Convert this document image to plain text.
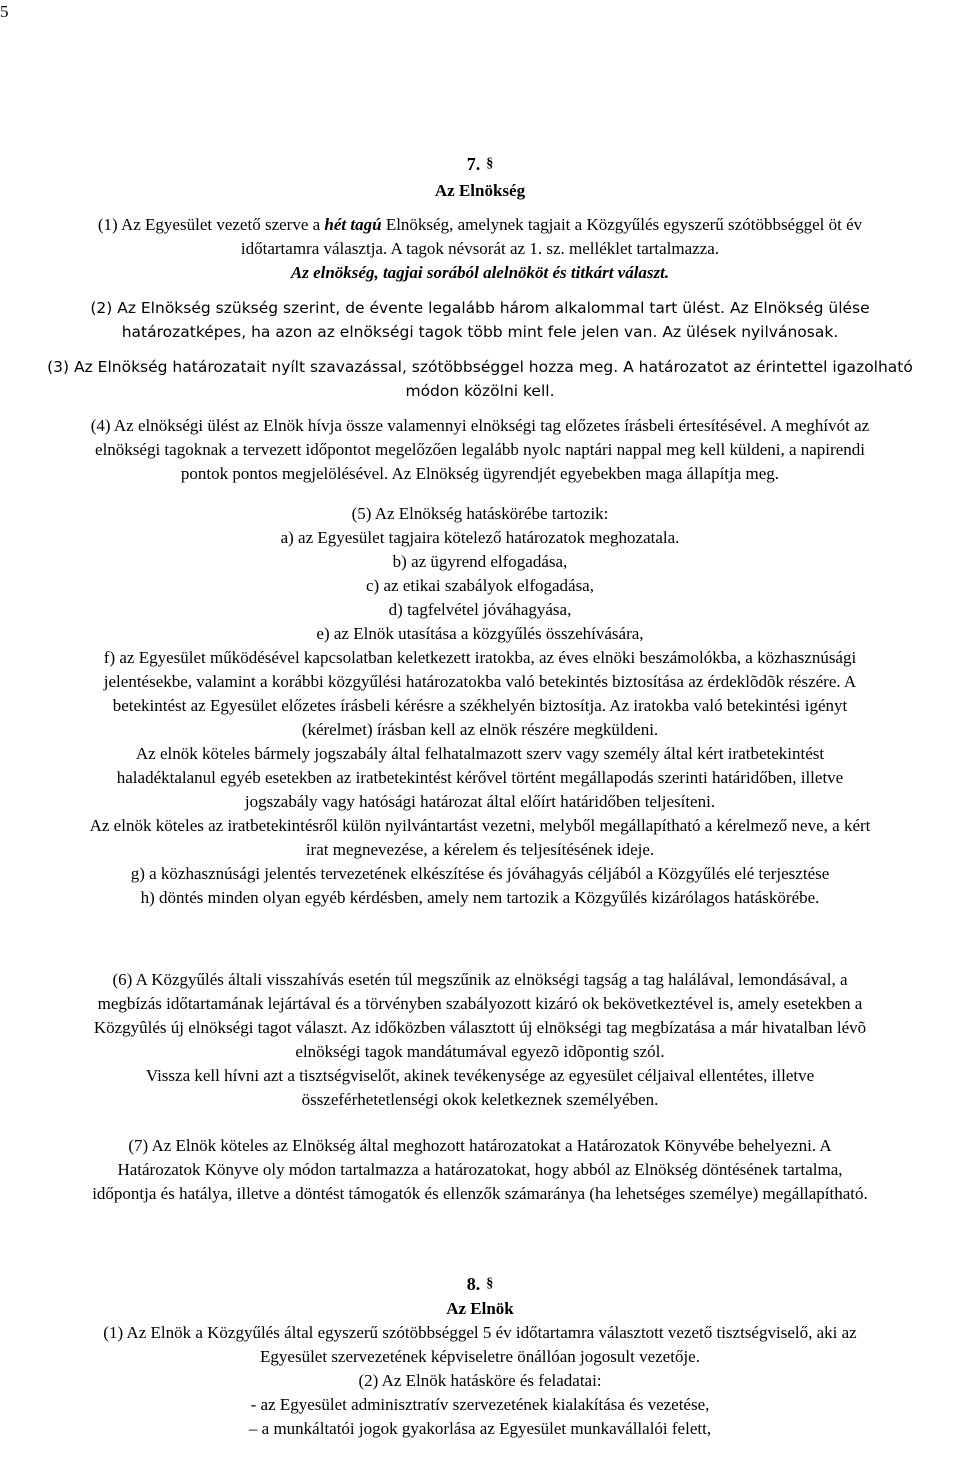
5

7. §

Az Elnökség

(1) Az Egyesület vezető szerve a hét tagú Elnökség, amelynek tagjait a Közgyűlés egyszerű szótöbbséggel öt év

időtartamra választja. A tagok névsorát az 1. sz. melléklet tartalmazza.

Az elnökség, tagjai sorából alelnököt és titkárt választ.

(2) Az Elnökség szükség szerint, de évente legalább három alkalommal tart ülést. Az Elnökség ülése

határozatképes, ha azon az elnökségi tagok több mint fele jelen van. Az ülések nyilvánosak.

(3) Az Elnökség határozatait nyílt szavazással, szótöbbséggel hozza meg. A határozatot az érintettel igazolható

módon közölni kell.

(4) Az elnökségi ülést az Elnök hívja össze valamennyi elnökségi tag előzetes írásbeli értesítésével. A meghívót az

elnökségi tagoknak a tervezett időpontot megelőzően legalább nyolc naptári nappal meg kell küldeni, a napirendi

pontok pontos megjelölésével. Az Elnökség ügyrendjét egyebekben maga állapítja meg.

(5) Az Elnökség hatáskörébe tartozik:

a) az Egyesület tagjaira kötelező határozatok meghozatala.

b) az ügyrend elfogadása,

c) az etikai szabályok elfogadása,

d) tagfelvétel jóváhagyása,

e) az Elnök utasítása a közgyűlés összehívására,

f) az Egyesület működésével kapcsolatban keletkezett iratokba, az éves elnöki beszámolókba, a közhasznúsági

jelentésekbe, valamint a korábbi közgyűlési határozatokba való betekintés biztosítása az érdeklõdõk részére. A

betekintést az Egyesület előzetes írásbeli kérésre a székhelyén biztosítja. Az iratokba való betekintési igényt

(kérelmet) írásban kell az elnök részére megküldeni.

Az elnök köteles bármely jogszabály által felhatalmazott szerv vagy személy által kért iratbetekintést

haladéktalanul egyéb esetekben az iratbetekintést kérővel történt megállapodás szerinti határidőben, illetve

jogszabály vagy hatósági határozat által előírt határidőben teljesíteni.

Az elnök köteles az iratbetekintésről külön nyilvántartást vezetni, melyből megállapítható a kérelmező neve, a kért

irat megnevezése, a kérelem és teljesítésének ideje.

g) a közhasznúsági jelentés tervezetének elkészítése és jóváhagyás céljából a Közgyűlés elé terjesztése

h) döntés minden olyan egyéb kérdésben, amely nem tartozik a Közgyűlés kizárólagos hatáskörébe.

(6) A Közgyűlés általi visszahívás esetén túl megszűnik az elnökségi tagság a tag halálával, lemondásával, a

megbízás időtartamának lejártával és a törvényben szabályozott kizáró ok bekövetkeztével is, amely esetekben a

Közgyûlés új elnökségi tagot választ. Az időközben választott új elnökségi tag megbízatása a már hivatalban lévõ

elnökségi tagok mandátumával egyezõ idõpontig szól.

Vissza kell hívni azt a tisztségviselőt, akinek tevékenysége az egyesület céljaival ellentétes, illetve

összeférhetetlenségi okok keletkeznek személyében.

(7) Az Elnök köteles az Elnökség által meghozott határozatokat a Határozatok Könyvébe behelyezni. A

Határozatok Könyve oly módon tartalmazza a határozatokat, hogy abból az Elnökség döntésének tartalma,

időpontja és hatálya, illetve a döntést támogatók és ellenzők számaránya (ha lehetséges személye) megállapítható.

8. §

Az Elnök

(1) Az Elnök a Közgyűlés által egyszerű szótöbbséggel 5 év időtartamra választott vezető tisztségviselő, aki az

Egyesület szervezetének képviseletre önállóan jogosult vezetője.

(2) Az Elnök hatásköre és feladatai:

- az Egyesület adminisztratív szervezetének kialakítása és vezetése,

– a munkáltatói jogok gyakorlása az Egyesület munkavállalói felett,
